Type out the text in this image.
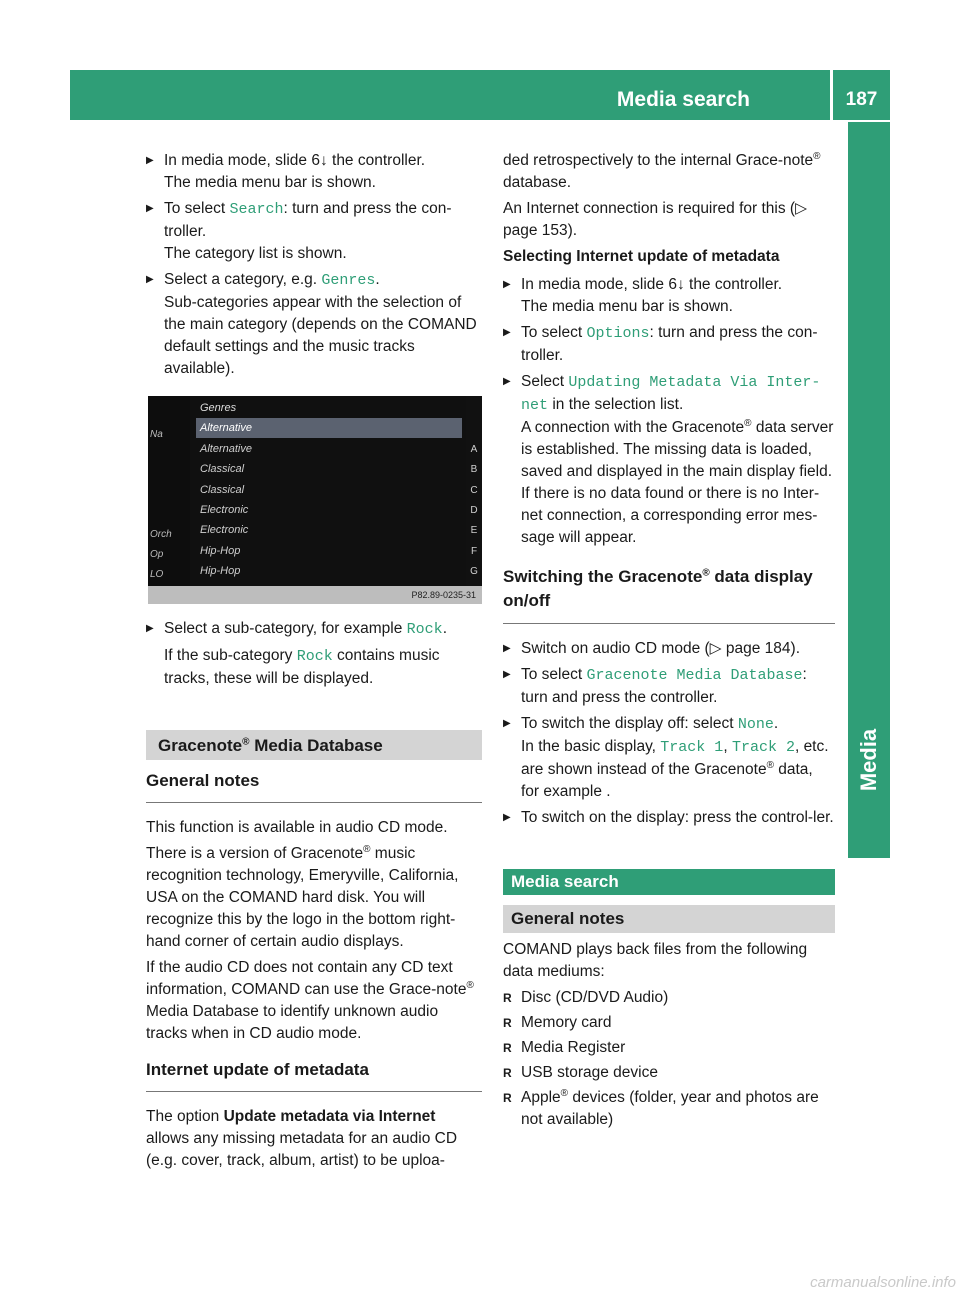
Media search	187
Media
▶ In media mode, slide 6↓ the controller.
The media menu bar is shown.
▶ To select Search: turn and press the con-troller.
The category list is shown.
▶ Select a category, e.g. Genres.
Sub-categories appear with the selection of the main category (depends on the COMAND default settings and the music tracks available).
Genres
Alternative
Alternative
Classical
Classical
Electronic
Electronic
Hip-Hop
Hip-Hop
A
B
C
D
E
F
G
Na
Orch
Op
LO
P82.89-0235-31
▶ Select a sub-category, for example Rock.

If the sub-category Rock contains music tracks, these will be displayed.

Gracenote® Media Database
General notes

This function is available in audio CD mode.

There is a version of Gracenote® music recognition technology, Emeryville, California, USA on the COMAND hard disk. You will recognize this by the logo in the bottom right-hand corner of certain audio displays.

If the audio CD does not contain any CD text information, COMAND can use the Grace-note® Media Database to identify unknown audio tracks when in CD audio mode.

Internet update of metadata

The option Update metadata via Internet allows any missing metadata for an audio CD (e.g. cover, track, album, artist) to be uploa-

ded retrospectively to the internal Grace-note® database.

An Internet connection is required for this (▷ page 153).

Selecting Internet update of metadata
▶ In media mode, slide 6↓ the controller.
The media menu bar is shown.
▶ To select Options: turn and press the con-troller.
▶ Select Updating Metadata Via Inter-net in the selection list.
A connection with the Gracenote® data server is established. The missing data is loaded, saved and displayed in the main display field.
If there is no data found or there is no Inter-net connection, a corresponding error mes-sage will appear.
Switching the Gracenote® data display on/off
▶ Switch on audio CD mode (▷ page 184).
▶ To select Gracenote Media Database: turn and press the controller.
▶ To switch the display off: select None.
In the basic display, Track 1, Track 2, etc. are shown instead of the Gracenote® data, for example .
▶ To switch on the display: press the control-ler.
Media search
General notes

COMAND plays back files from the following data mediums:

R Disc (CD/DVD Audio)
R Memory card
R Media Register
R USB storage device
R Apple® devices (folder, year and photos are not available)
carmanualsonline.info
